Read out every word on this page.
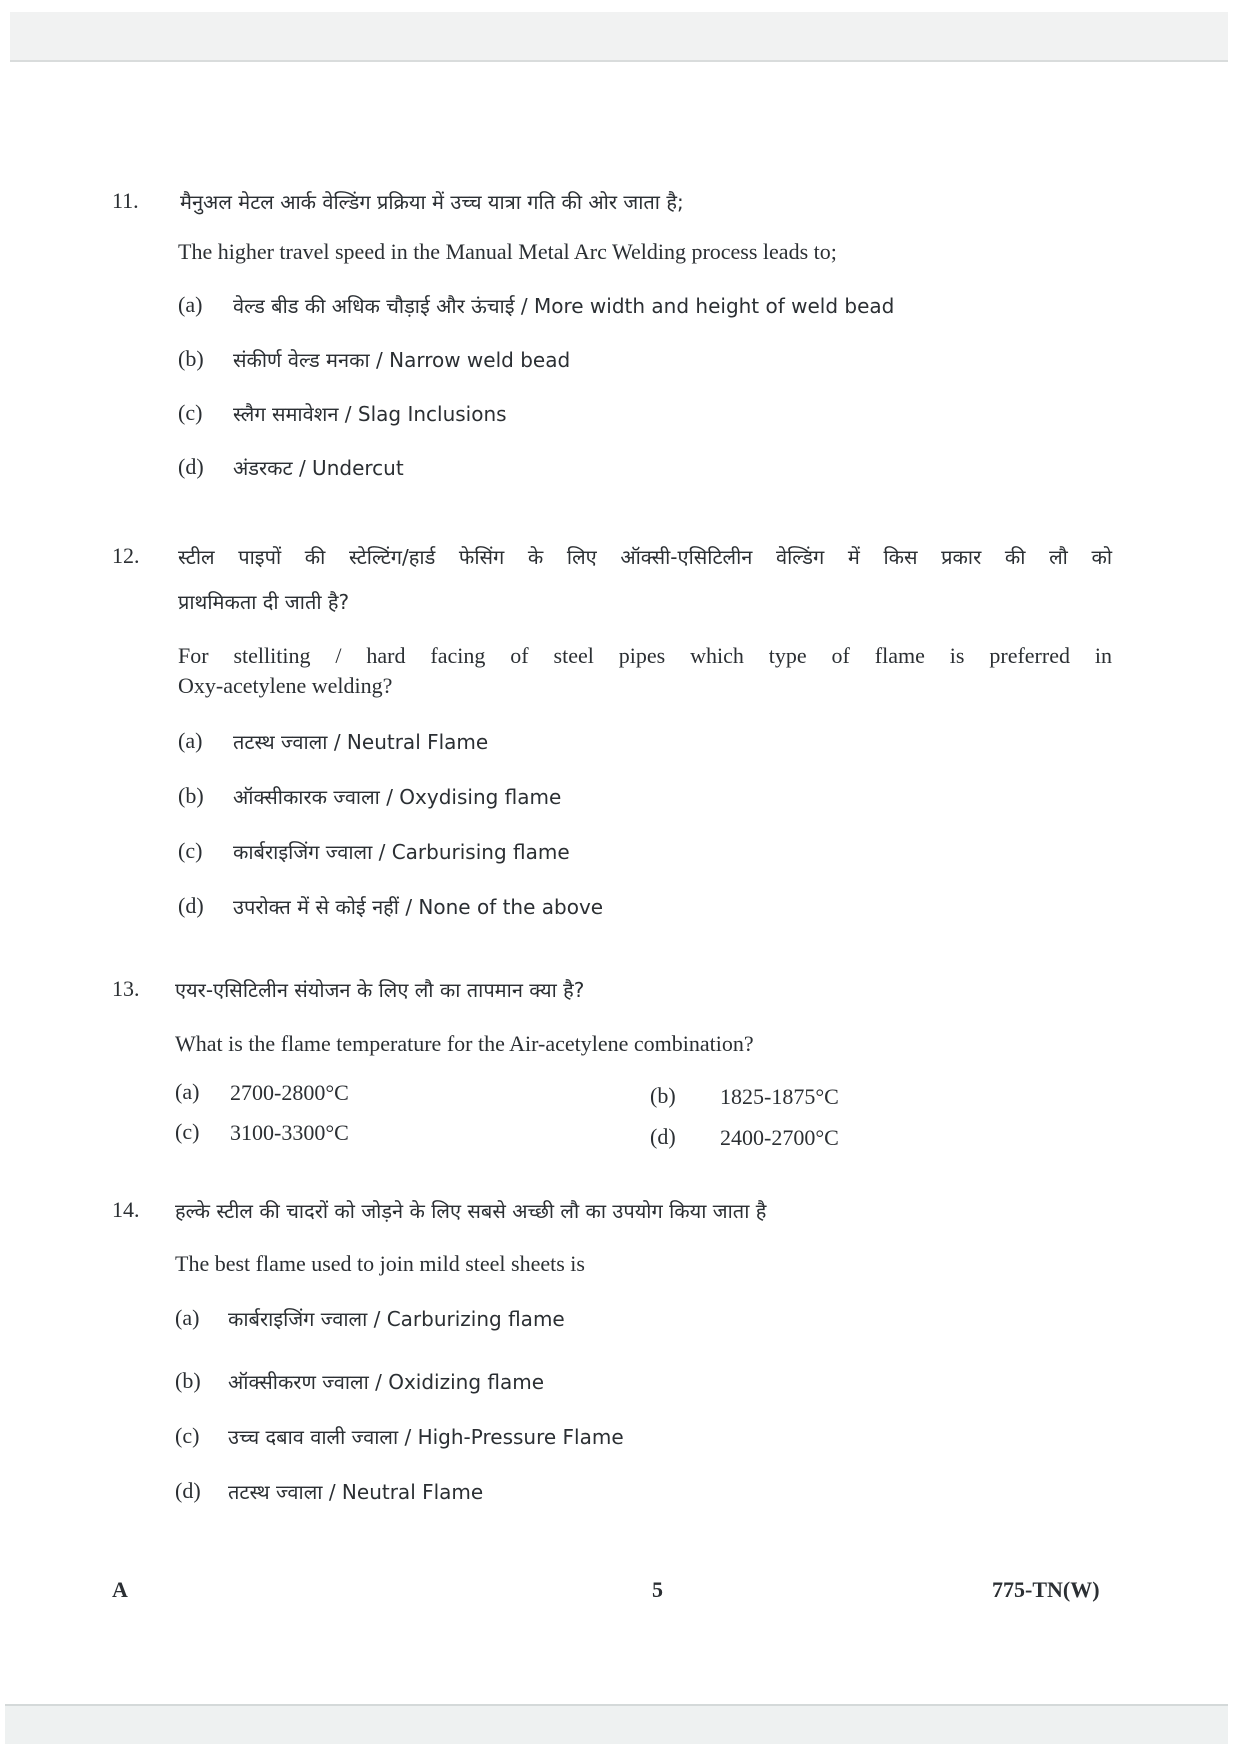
11. मैनुअल मेटल आर्क वेल्डिंग प्रक्रिया में उच्च यात्रा गति की ओर जाता है;
The higher travel speed in the Manual Metal Arc Welding process leads to;
(a) वेल्ड बीड की अधिक चौड़ाई और ऊंचाई / More width and height of weld bead
(b) संकीर्ण वेल्ड मनका / Narrow weld bead
(c) स्लैग समावेशन / Slag Inclusions
(d) अंडरकट / Undercut
12. स्टील पाइपों की स्टेल्टिंग/हार्ड फेसिंग के लिए ऑक्सी-एसिटिलीन वेल्डिंग में किस प्रकार की लौ को
प्राथमिकता दी जाती है?
For stelliting / hard facing of steel pipes which type of flame is preferred in
Oxy-acetylene welding?
(a) तटस्थ ज्वाला / Neutral Flame
(b) ऑक्सीकारक ज्वाला / Oxydising flame
(c) कार्बराइजिंग ज्वाला / Carburising flame
(d) उपरोक्त में से कोई नहीं / None of the above
13. एयर-एसिटिलीन संयोजन के लिए लौ का तापमान क्या है?
What is the flame temperature for the Air-acetylene combination?
(a) 2700-2800°C	(b) 1825-1875°C
(c) 3100-3300°C	(d) 2400-2700°C
14. हल्के स्टील की चादरों को जोड़ने के लिए सबसे अच्छी लौ का उपयोग किया जाता है
The best flame used to join mild steel sheets is
(a) कार्बराइजिंग ज्वाला / Carburizing flame
(b) ऑक्सीकरण ज्वाला / Oxidizing flame
(c) उच्च दबाव वाली ज्वाला / High-Pressure Flame
(d) तटस्थ ज्वाला / Neutral Flame
A	5	775-TN(W)
